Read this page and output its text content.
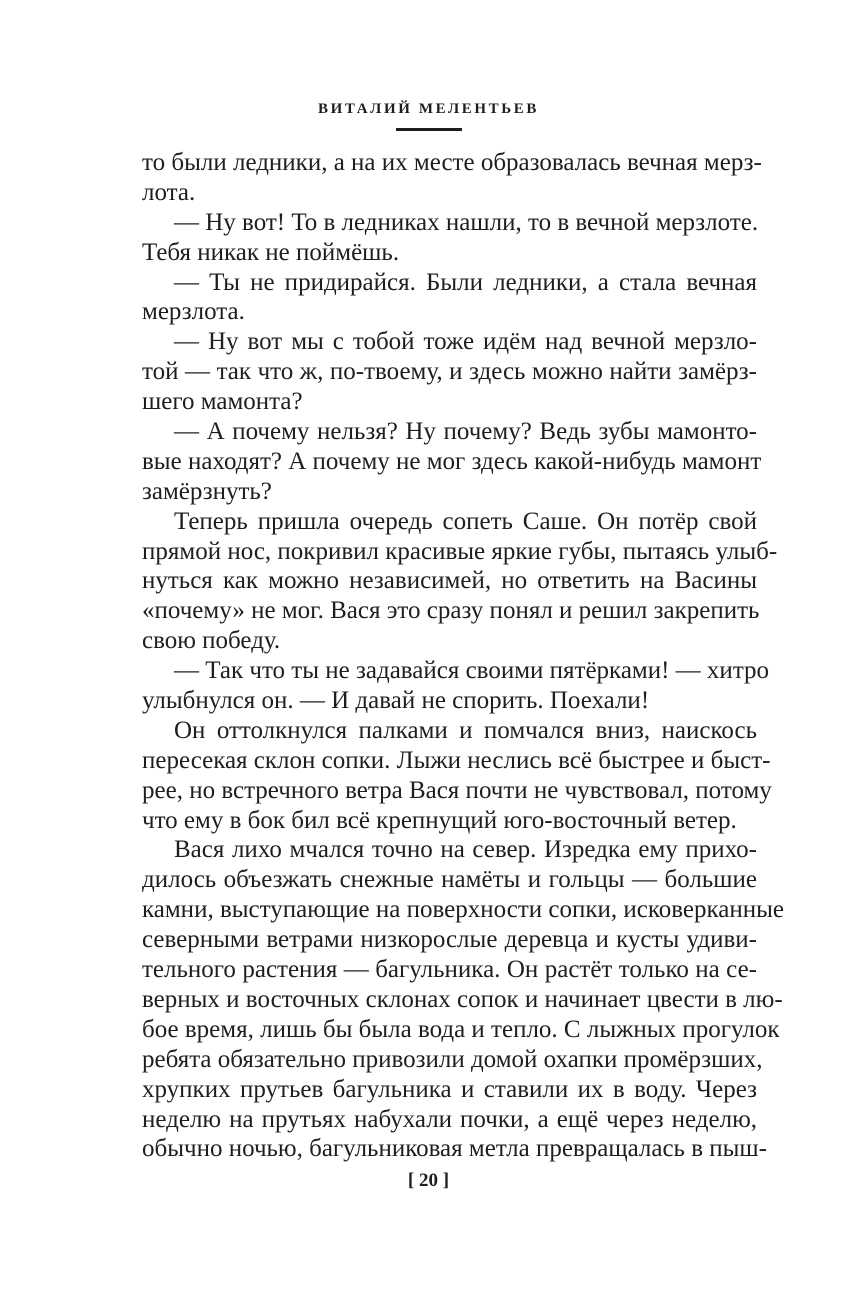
ВИТАЛИЙ МЕЛЕНТЬЕВ
то были ледники, а на их месте образовалась вечная мерз-
лота.
— Ну вот! То в ледниках нашли, то в вечной мерзлоте.
Тебя никак не поймёшь.
— Ты не придирайся. Были ледники, а стала вечная
мерзлота.
— Ну вот мы с тобой тоже идём над вечной мерзло-
той — так что ж, по-твоему, и здесь можно найти замёрз-
шего мамонта?
— А почему нельзя? Ну почему? Ведь зубы мамонто-
вые находят? А почему не мог здесь какой-нибудь мамонт
замёрзнуть?
Теперь пришла очередь сопеть Саше. Он потёр свой
прямой нос, покривил красивые яркие губы, пытаясь улыб-
нуться как можно независимей, но ответить на Васины
«почему» не мог. Вася это сразу понял и решил закрепить
свою победу.
— Так что ты не задавайся своими пятёрками! — хитро
улыбнулся он. — И давай не спорить. Поехали!
Он оттолкнулся палками и помчался вниз, наискось
пересекая склон сопки. Лыжи неслись всё быстрее и быст-
рее, но встречного ветра Вася почти не чувствовал, потому
что ему в бок бил всё крепнущий юго-восточный ветер.
Вася лихо мчался точно на север. Изредка ему прихо-
дилось объезжать снежные намёты и гольцы — большие
камни, выступающие на поверхности сопки, исковерканные
северными ветрами низкорослые деревца и кусты удиви-
тельного растения — багульника. Он растёт только на се-
верных и восточных склонах сопок и начинает цвести в лю-
бое время, лишь бы была вода и тепло. С лыжных прогулок
ребята обязательно привозили домой охапки промёрзших,
хрупких прутьев багульника и ставили их в воду. Через
неделю на прутьях набухали почки, а ещё через неделю,
обычно ночью, багульниковая метла превращалась в пыш-
[ 20 ]
